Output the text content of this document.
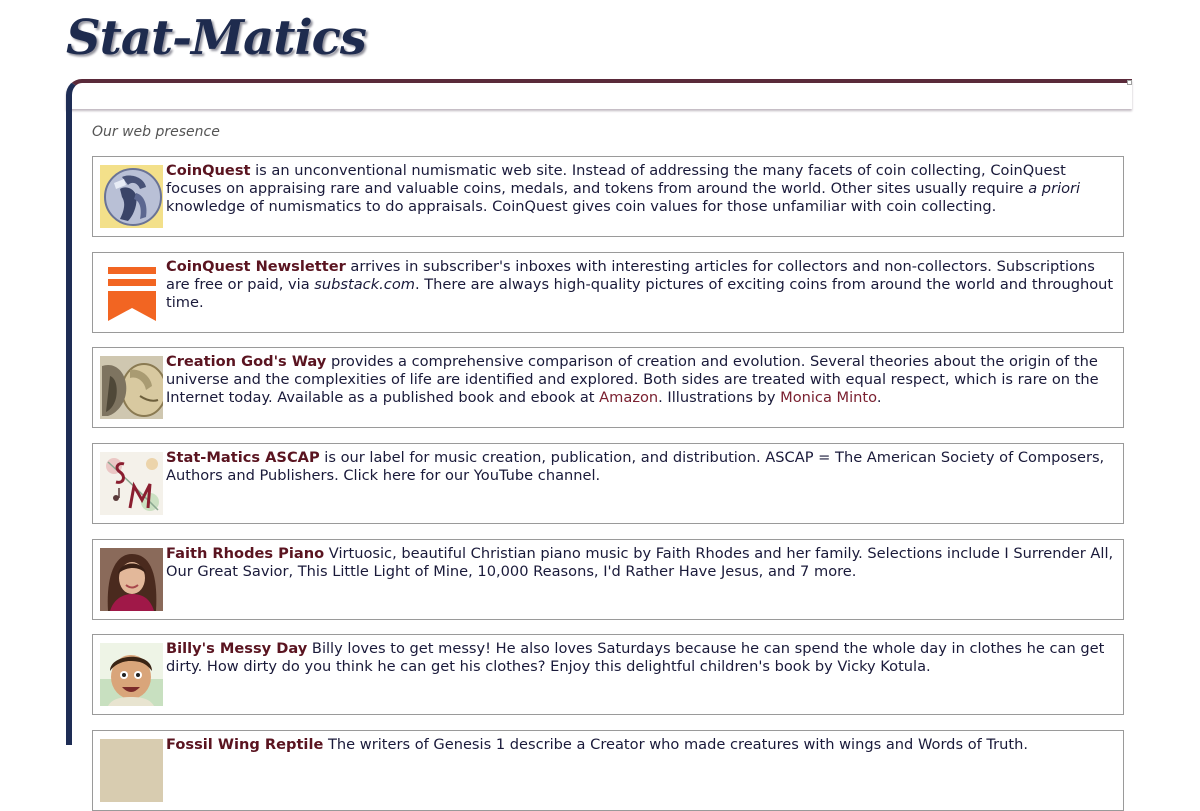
Stat-Matics
Our web presence
CoinQuest is an unconventional numismatic web site. Instead of addressing the many facets of coin collecting, CoinQuest focuses on appraising rare and valuable coins, medals, and tokens from around the world. Other sites usually require a priori knowledge of numismatics to do appraisals. CoinQuest gives coin values for those unfamiliar with coin collecting.
CoinQuest Newsletter arrives in subscriber's inboxes with interesting articles for collectors and non-collectors. Subscriptions are free or paid, via substack.com. There are always high-quality pictures of exciting coins from around the world and throughout time.
Creation God's Way provides a comprehensive comparison of creation and evolution. Several theories about the origin of the universe and the complexities of life are identified and explored. Both sides are treated with equal respect, which is rare on the Internet today. Available as a published book and ebook at Amazon. Illustrations by Monica Minto.
Stat-Matics ASCAP is our label for music creation, publication, and distribution. ASCAP = The American Society of Composers, Authors and Publishers. Click here for our YouTube channel.
Faith Rhodes Piano Virtuosic, beautiful Christian piano music by Faith Rhodes and her family. Selections include I Surrender All, Our Great Savior, This Little Light of Mine, 10,000 Reasons, I'd Rather Have Jesus, and 7 more.
Billy's Messy Day Billy loves to get messy! He also loves Saturdays because he can spend the whole day in clothes he can get dirty. How dirty do you think he can get his clothes? Enjoy this delightful children's book by Vicky Kotula.
Fossil Wing Reptile The writers of Genesis 1 describe a Creator who made creatures with wings and Words of Truth.
